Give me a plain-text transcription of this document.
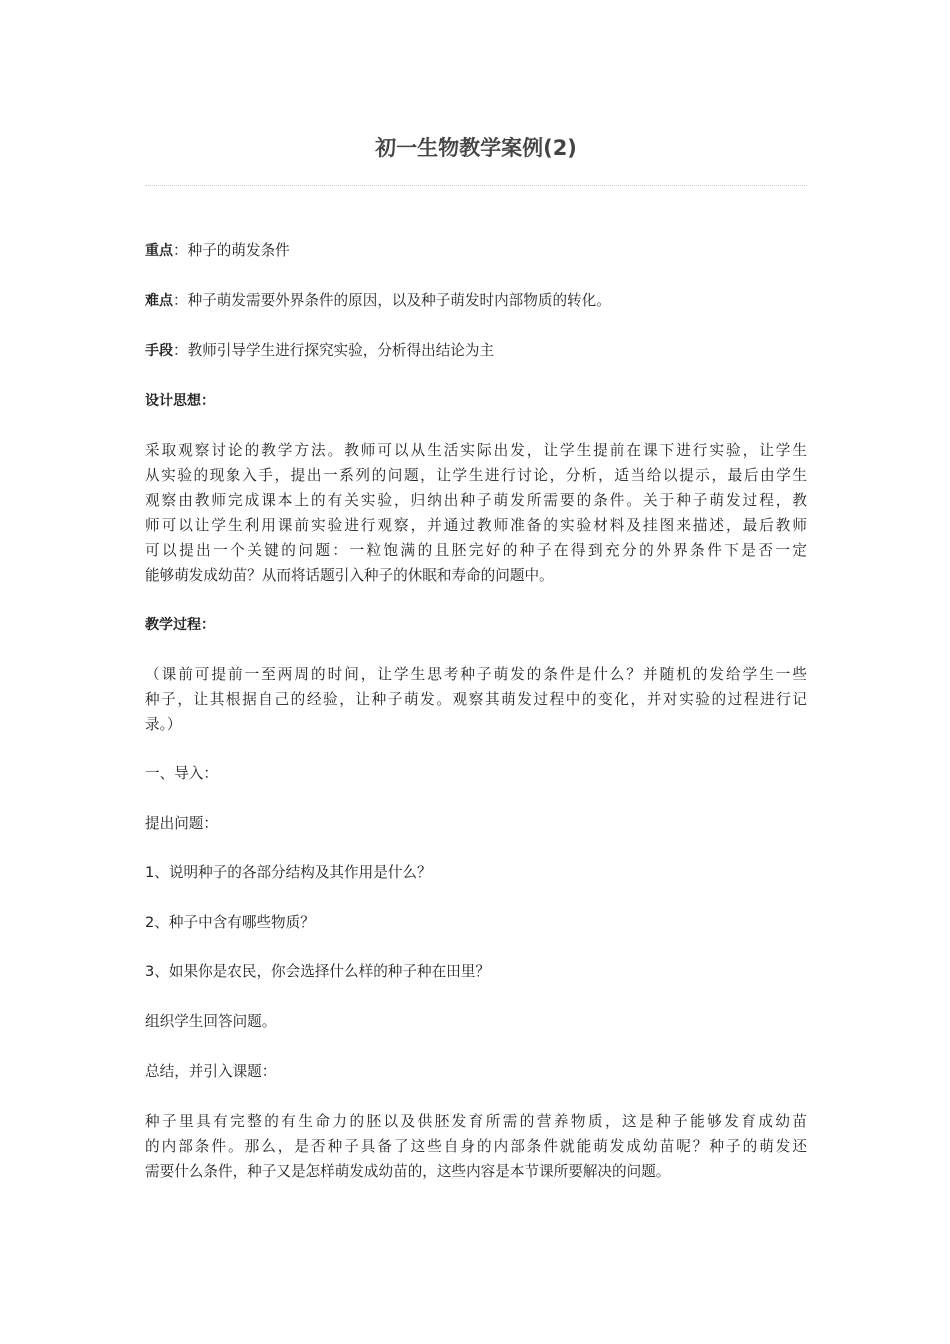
初一生物教学案例(2)

重点：种子的萌发条件

难点：种子萌发需要外界条件的原因，以及种子萌发时内部物质的转化。

手段：教师引导学生进行探究实验，分析得出结论为主

设计思想：

采取观察讨论的教学方法。教师可以从生活实际出发，让学生提前在课下进行实验，让学生
从实验的现象入手，提出一系列的问题，让学生进行讨论，分析，适当给以提示，最后由学生
观察由教师完成课本上的有关实验，归纳出种子萌发所需要的条件。关于种子萌发过程，教
师可以让学生利用课前实验进行观察，并通过教师准备的实验材料及挂图来描述，最后教师
可以提出一个关键的问题：一粒饱满的且胚完好的种子在得到充分的外界条件下是否一定
能够萌发成幼苗？从而将话题引入种子的休眠和寿命的问题中。

教学过程：

（课前可提前一至两周的时间，让学生思考种子萌发的条件是什么？并随机的发给学生一些
种子，让其根据自己的经验，让种子萌发。观察其萌发过程中的变化，并对实验的过程进行记
录。）

一、导入：

提出问题：

1、说明种子的各部分结构及其作用是什么？

2、种子中含有哪些物质？

3、如果你是农民，你会选择什么样的种子种在田里？

组织学生回答问题。

总结，并引入课题：

种子里具有完整的有生命力的胚以及供胚发育所需的营养物质，这是种子能够发育成幼苗
的内部条件。那么，是否种子具备了这些自身的内部条件就能萌发成幼苗呢？种子的萌发还
需要什么条件，种子又是怎样萌发成幼苗的，这些内容是本节课所要解决的问题。
